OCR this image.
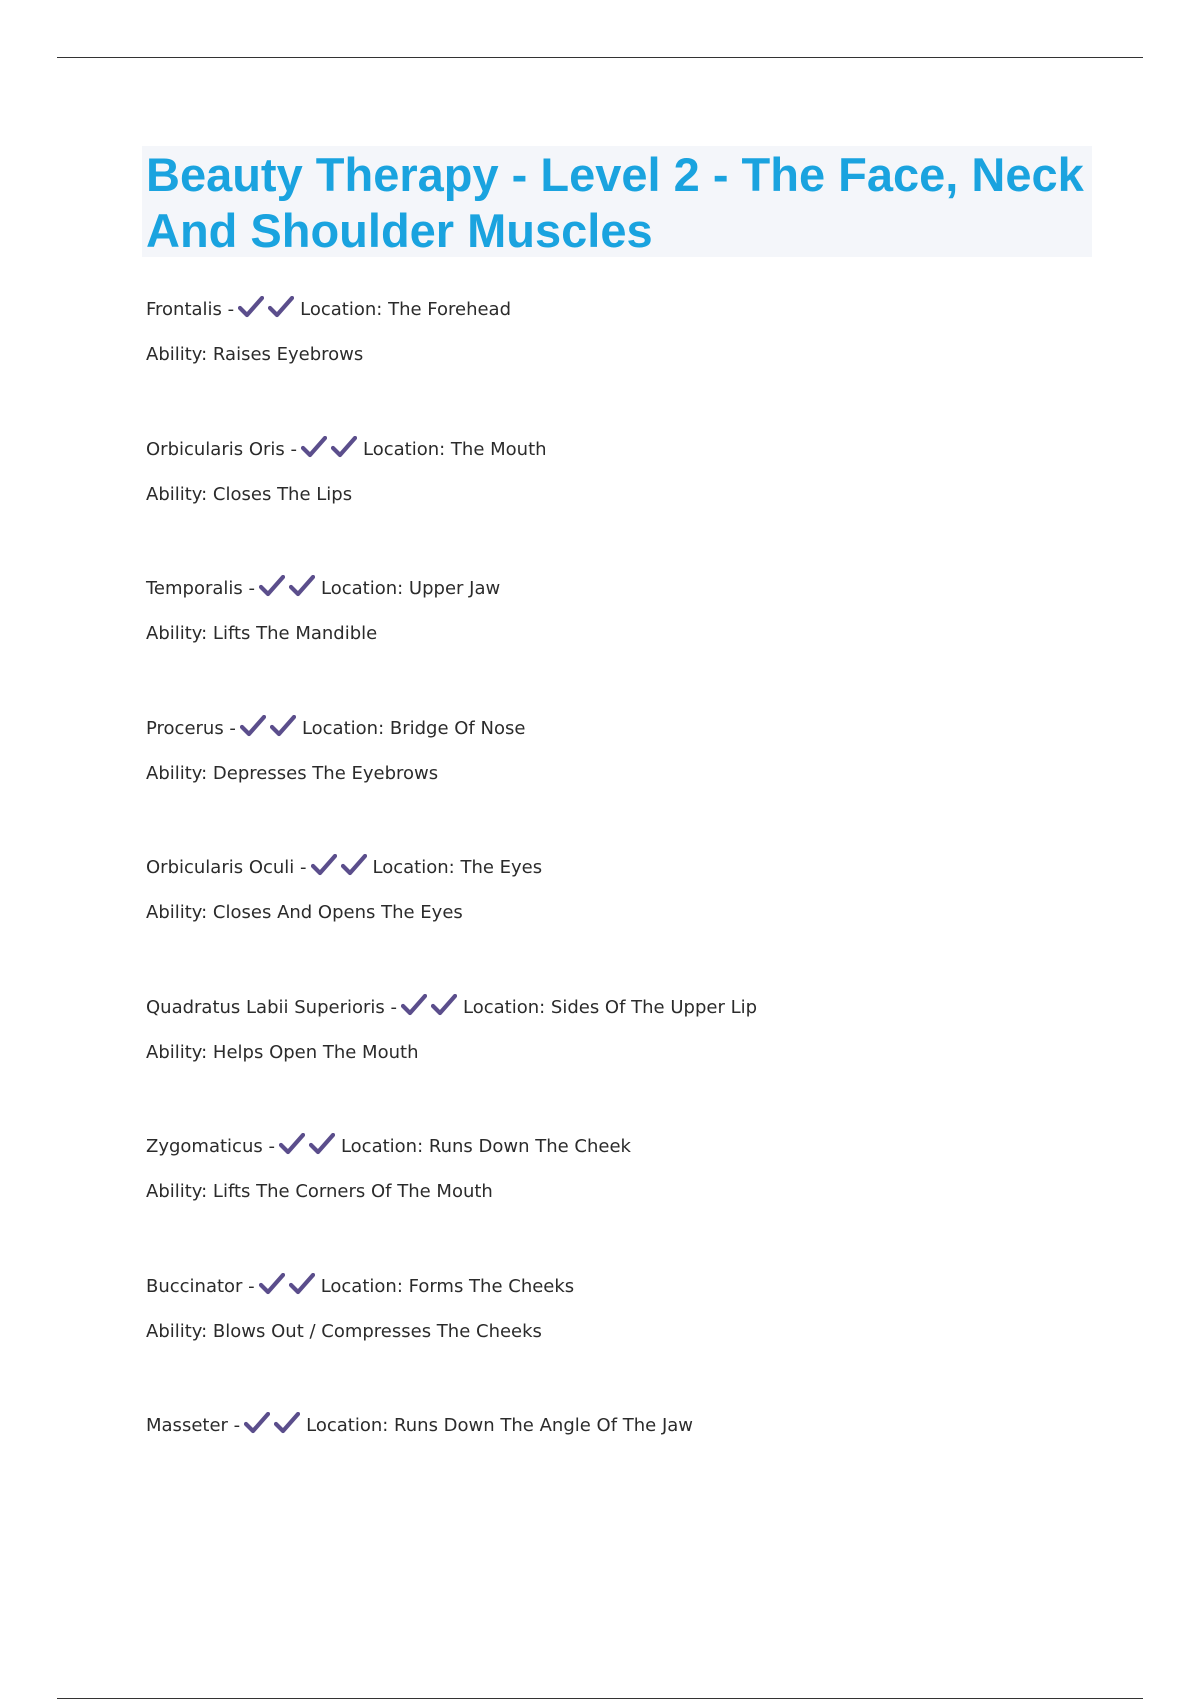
Beauty Therapy - Level 2 - The Face, Neck And Shoulder Muscles
Frontalis -	Location: The Forehead
Ability: Raises Eyebrows
Orbicularis Oris -	Location: The Mouth
Ability: Closes The Lips
Temporalis -	Location: Upper Jaw
Ability: Lifts The Mandible
Procerus -	Location: Bridge Of Nose
Ability: Depresses The Eyebrows
Orbicularis Oculi -	Location: The Eyes
Ability: Closes And Opens The Eyes
Quadratus Labii Superioris -	Location: Sides Of The Upper Lip
Ability: Helps Open The Mouth
Zygomaticus -	Location: Runs Down The Cheek
Ability: Lifts The Corners Of The Mouth
Buccinator -	Location: Forms The Cheeks
Ability: Blows Out / Compresses The Cheeks
Masseter -	Location: Runs Down The Angle Of The Jaw
